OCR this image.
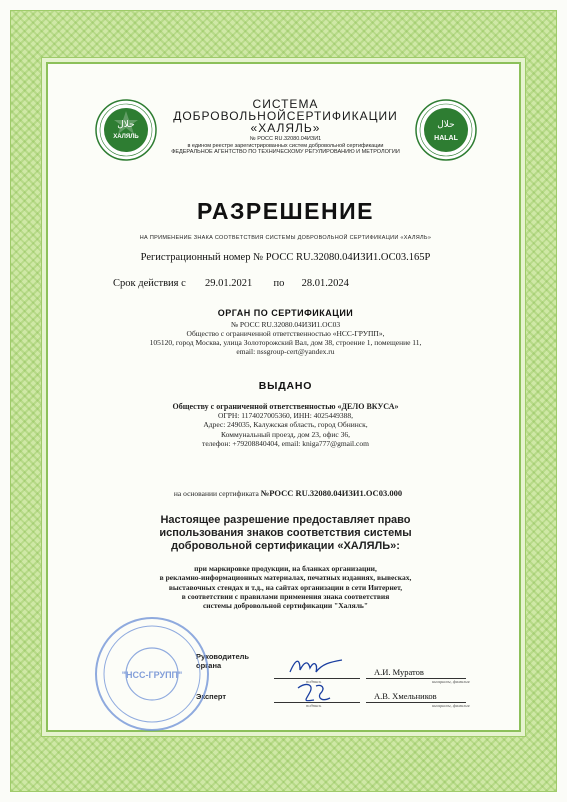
حلال
ХАЛЯЛЬ
حلال
HALAL
СИСТЕМА
ДОБРОВОЛЬНОЙСЕРТИФИКАЦИИ
«ХАЛЯЛЬ»
№ РОСС RU.32080.04ИЗИ1
в едином реестре зарегистрированных систем добровольной сертификации
ФЕДЕРАЛЬНОЕ АГЕНТСТВО ПО ТЕХНИЧЕСКОМУ РЕГУЛИРОВАНИЮ И МЕТРОЛОГИИ
РАЗРЕШЕНИЕ
НА ПРИМЕНЕНИЕ ЗНАКА СООТВЕТСТВИЯ СИСТЕМЫ ДОБРОВОЛЬНОЙ СЕРТИФИКАЦИИ «ХАЛЯЛЬ»
Регистрационный номер № РОСС RU.32080.04ИЗИ1.ОС03.165Р
Срок действия с 29.01.2021 по 28.01.2024
ОРГАН ПО СЕРТИФИКАЦИИ
№ РОСС RU.32080.04ИЗИ1.ОС03
Общество с ограниченной ответственностью «НСС-ГРУПП»,
105120, город Москва, улица Золоторожский Вал, дом 38, строение 1, помещение 11,
email: nssgroup-cert@yandex.ru
ВЫДАНО
Обществу с ограниченной ответственностью «ДЕЛО ВКУСА»
ОГРН: 1174027005360, ИНН: 4025449388,
Адрес: 249035, Калужская область, город Обнинск,
Коммунальный проезд, дом 23, офис 36,
телефон: +79208840404, email: kniga777@gmail.com
на основании сертификата №РОСС RU.32080.04ИЗИ1.ОС03.000
Настоящее разрешение предоставляет право
использования знаков соответствия системы
добровольной сертификации «ХАЛЯЛЬ»:
при маркировке продукции, на бланках организации,
в рекламно-информационных материалах, печатных изданиях, вывесках,
выставочных стендах и т.д., на сайтах организации в сети Интернет,
в соответствии с правилами применения знака соответствия
системы добровольной сертификации "Халяль"
Руководитель
органа
подпись
А.И. Муратов
инициалы, фамилия
Эксперт
подпись
А.В. Хмельников
инициалы, фамилия
"НСС-ГРУПП"
